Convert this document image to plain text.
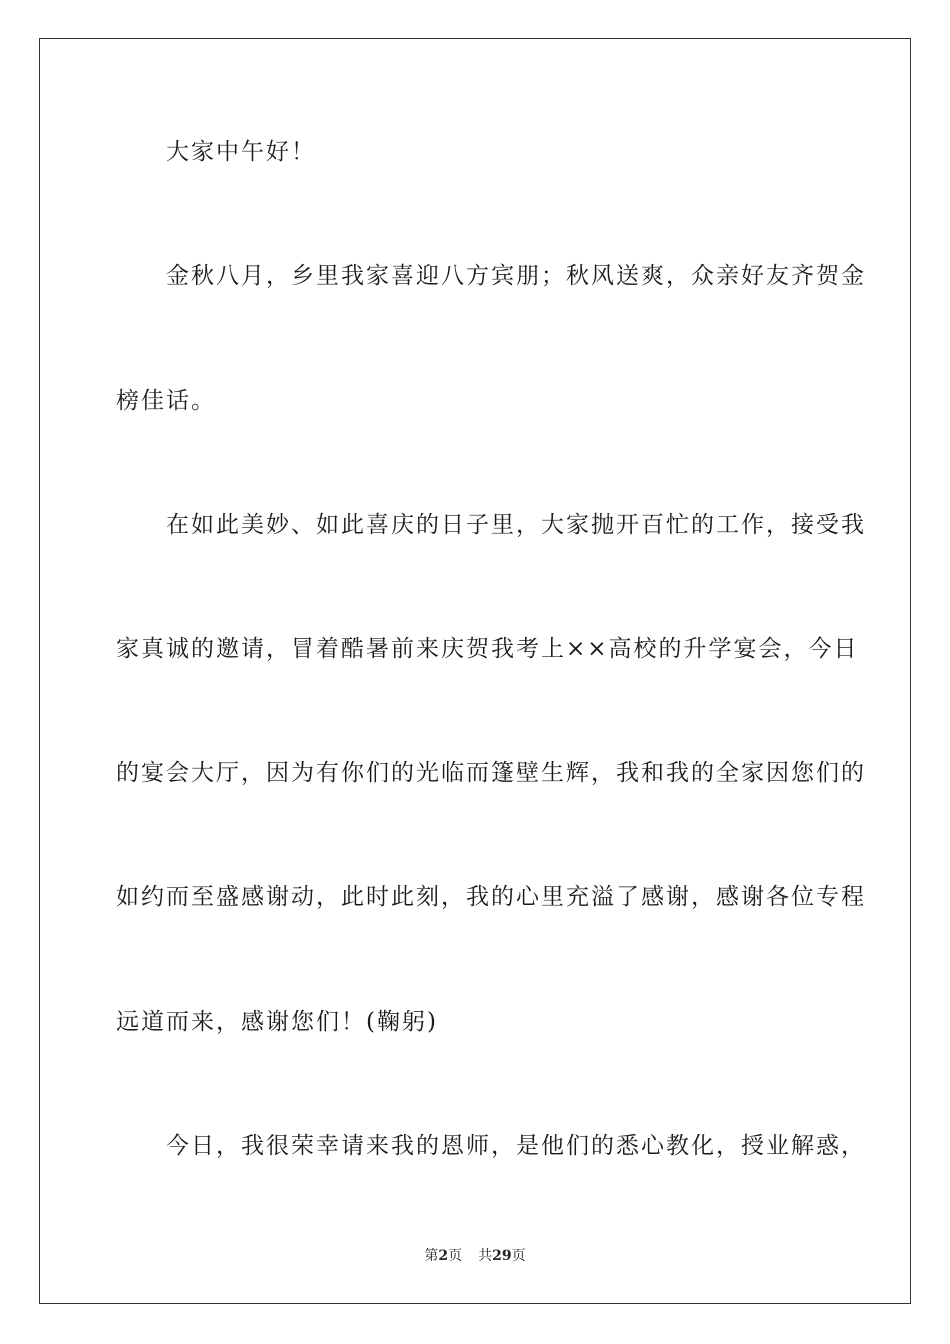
　　大家中午好！
　　金秋八月，乡里我家喜迎八方宾朋；秋风送爽，众亲好友齐贺金
榜佳话。
　　在如此美妙、如此喜庆的日子里，大家抛开百忙的工作，接受我
家真诚的邀请，冒着酷暑前来庆贺我考上××高校的升学宴会，今日
的宴会大厅，因为有你们的光临而篷壁生辉，我和我的全家因您们的
如约而至盛感谢动，此时此刻，我的心里充溢了感谢，感谢各位专程
远道而来，感谢您们！(鞠躬)
　　今日，我很荣幸请来我的恩师，是他们的悉心教化，授业解惑，
第2页 共29页
